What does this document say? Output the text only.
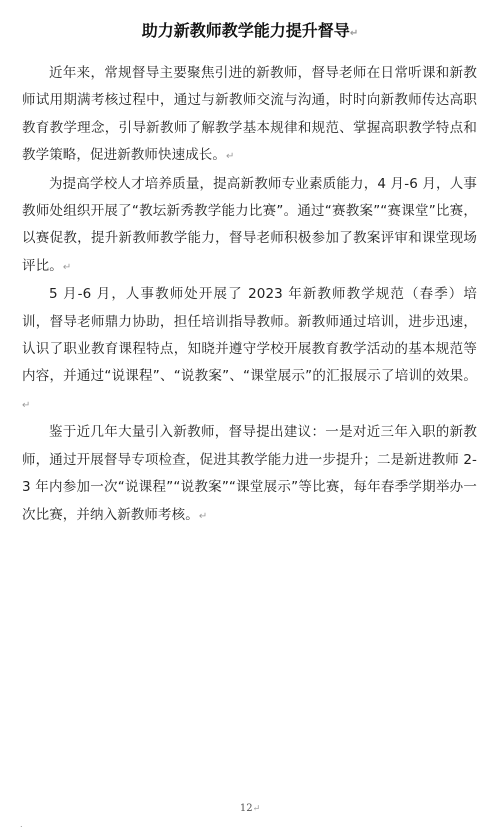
助力新教师教学能力提升督导↵

近年来，常规督导主要聚焦引进的新教师，督导老师在日常听课和新教师试用期满考核过程中，通过与新教师交流与沟通，时时向新教师传达高职教育教学理念，引导新教师了解教学基本规律和规范、掌握高职教学特点和教学策略，促进新教师快速成长。↵

为提高学校人才培养质量，提高新教师专业素质能力，4 月-6 月，人事教师处组织开展了“教坛新秀教学能力比赛”。通过“赛教案”“赛课堂”比赛，以赛促教，提升新教师教学能力，督导老师积极参加了教案评审和课堂现场评比。↵

5 月-6 月，人事教师处开展了 2023 年新教师教学规范（春季）培训，督导老师鼎力协助，担任培训指导教师。新教师通过培训，进步迅速，认识了职业教育课程特点，知晓并遵守学校开展教育教学活动的基本规范等内容，并通过“说课程”、“说教案”、“课堂展示”的汇报展示了培训的效果。↵

鉴于近几年大量引入新教师，督导提出建议：一是对近三年入职的新教师，通过开展督导专项检查，促进其教学能力进一步提升；二是新进教师 2-3 年内参加一次“说课程”“说教案”“课堂展示”等比赛，每年春季学期举办一次比赛，并纳入新教师考核。↵

12↵
.
